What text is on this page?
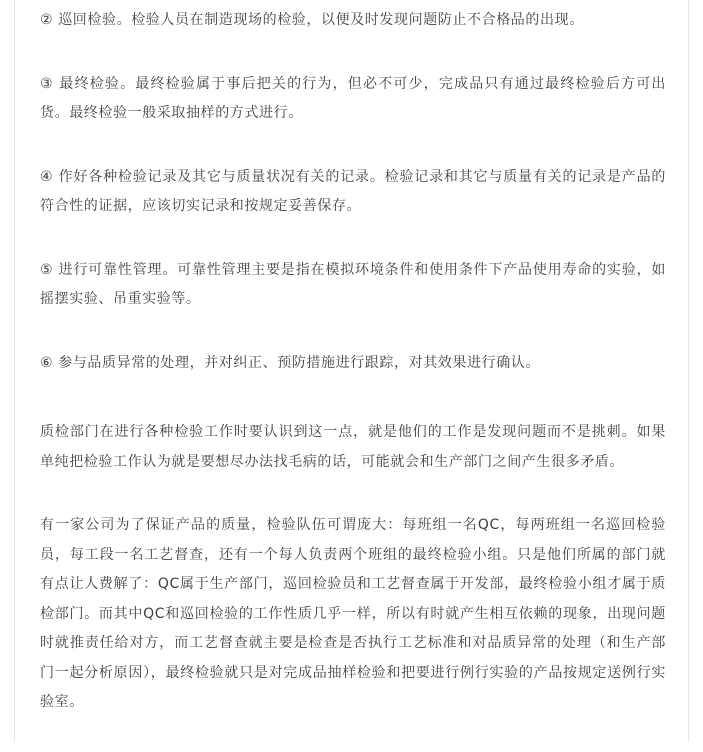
② 巡回检验。检验人员在制造现场的检验，以便及时发现问题防止不合格品的出现。

③ 最终检验。最终检验属于事后把关的行为，但必不可少，完成品只有通过最终检验后方可出货。最终检验一般采取抽样的方式进行。

④ 作好各种检验记录及其它与质量状况有关的记录。检验记录和其它与质量有关的记录是产品的符合性的证据，应该切实记录和按规定妥善保存。

⑤ 进行可靠性管理。可靠性管理主要是指在模拟环境条件和使用条件下产品使用寿命的实验，如摇摆实验、吊重实验等。

⑥ 参与品质异常的处理，并对纠正、预防措施进行跟踪，对其效果进行确认。

质检部门在进行各种检验工作时要认识到这一点，就是他们的工作是发现问题而不是挑刺。如果单纯把检验工作认为就是要想尽办法找毛病的话，可能就会和生产部门之间产生很多矛盾。

有一家公司为了保证产品的质量，检验队伍可谓庞大：每班组一名QC，每两班组一名巡回检验员，每工段一名工艺督查，还有一个每人负责两个班组的最终检验小组。只是他们所属的部门就有点让人费解了：QC属于生产部门，巡回检验员和工艺督查属于开发部，最终检验小组才属于质检部门。而其中QC和巡回检验的工作性质几乎一样，所以有时就产生相互依赖的现象，出现问题时就推责任给对方，而工艺督查就主要是检查是否执行工艺标准和对品质异常的处理（和生产部门一起分析原因），最终检验就只是对完成品抽样检验和把要进行例行实验的产品按规定送例行实验室。
